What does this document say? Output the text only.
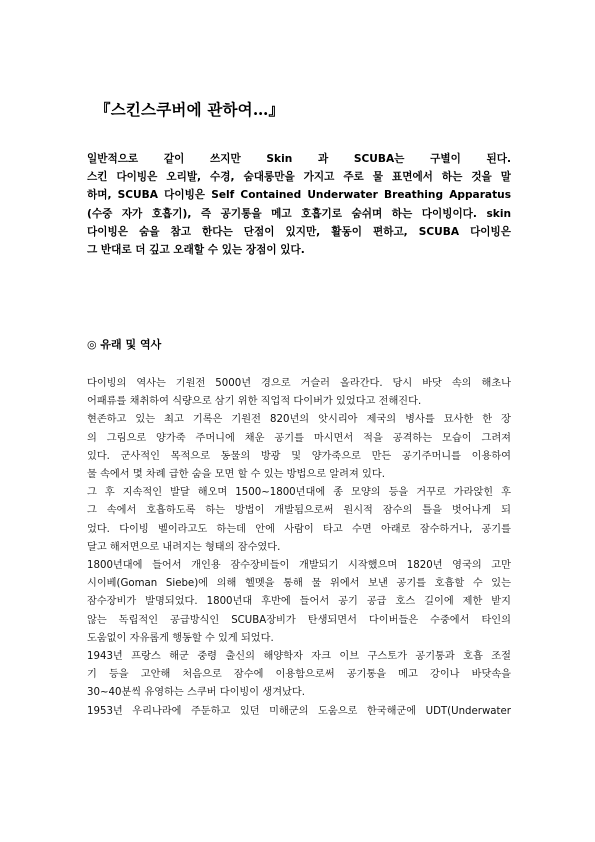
『스킨스쿠버에 관하여…』

일반적으로 같이 쓰지만 Skin 과 SCUBA는 구별이 된다.
스킨 다이빙은 오리발, 수경, 숨대롱만을 가지고 주로 물 표면에서 하는 것을 말
하며, SCUBA 다이빙은 Self Contained Underwater Breathing Apparatus
(수중 자가 호흡기), 즉 공기통을 메고 호흡기로 숨쉬며 하는 다이빙이다. skin
다이빙은 숨을 참고 한다는 단점이 있지만, 활동이 편하고, SCUBA 다이빙은
그 반대로 더 깊고 오래할 수 있는 장점이 있다.

◎ 유래 및 역사

다이빙의 역사는 기원전 5000년 경으로 거슬러 올라간다. 당시 바닷 속의 해초나
어패류를 채취하여 식량으로 삼기 위한 직업적 다이버가 있었다고 전해진다.
현존하고 있는 최고 기록은 기원전 820년의 앗시리아 제국의 병사를 묘사한 한 장
의 그림으로 양가죽 주머니에 채운 공기를 마시면서 적을 공격하는 모습이 그려져
있다. 군사적인 목적으로 동물의 방광 및 양가죽으로 만든 공기주머니를 이용하여
물 속에서 몇 차례 급한 숨을 모면 할 수 있는 방법으로 알려져 있다.
그 후 지속적인 발달 해오며 1500~1800년대에 종 모양의 등을 거꾸로 가라앉힌 후
그 속에서 호흡하도록 하는 방법이 개발됨으로써 원시적 잠수의 틀을 벗어나게 되
었다. 다이빙 벨이라고도 하는데 안에 사람이 타고 수면 아래로 잠수하거나, 공기를
달고 해저면으로 내려지는 형태의 잠수였다.
1800년대에 들어서 개인용 잠수장비들이 개발되기 시작했으며 1820년 영국의 고만
시이베(Goman Siebe)에 의해 헬멧을 통해 물 위에서 보낸 공기를 호흡할 수 있는
잠수장비가 발명되었다. 1800년대 후반에 들어서 공기 공급 호스 길이에 제한 받지
않는 독립적인 공급방식인 SCUBA장비가 탄생되면서 다이버들은 수중에서 타인의
도움없이 자유롭게 행동할 수 있게 되었다.
1943년 프랑스 해군 중령 출신의 해양학자 자크 이브 구스토가 공기통과 호흡 조절
기 등을 고안해 처음으로 잠수에 이용함으로써 공기통을 메고 강이나 바닷속을
30~40분씩 유영하는 스쿠버 다이빙이 생겨났다.
1953년 우리나라에 주둔하고 있던 미해군의 도움으로 한국해군에 UDT(Underwater
